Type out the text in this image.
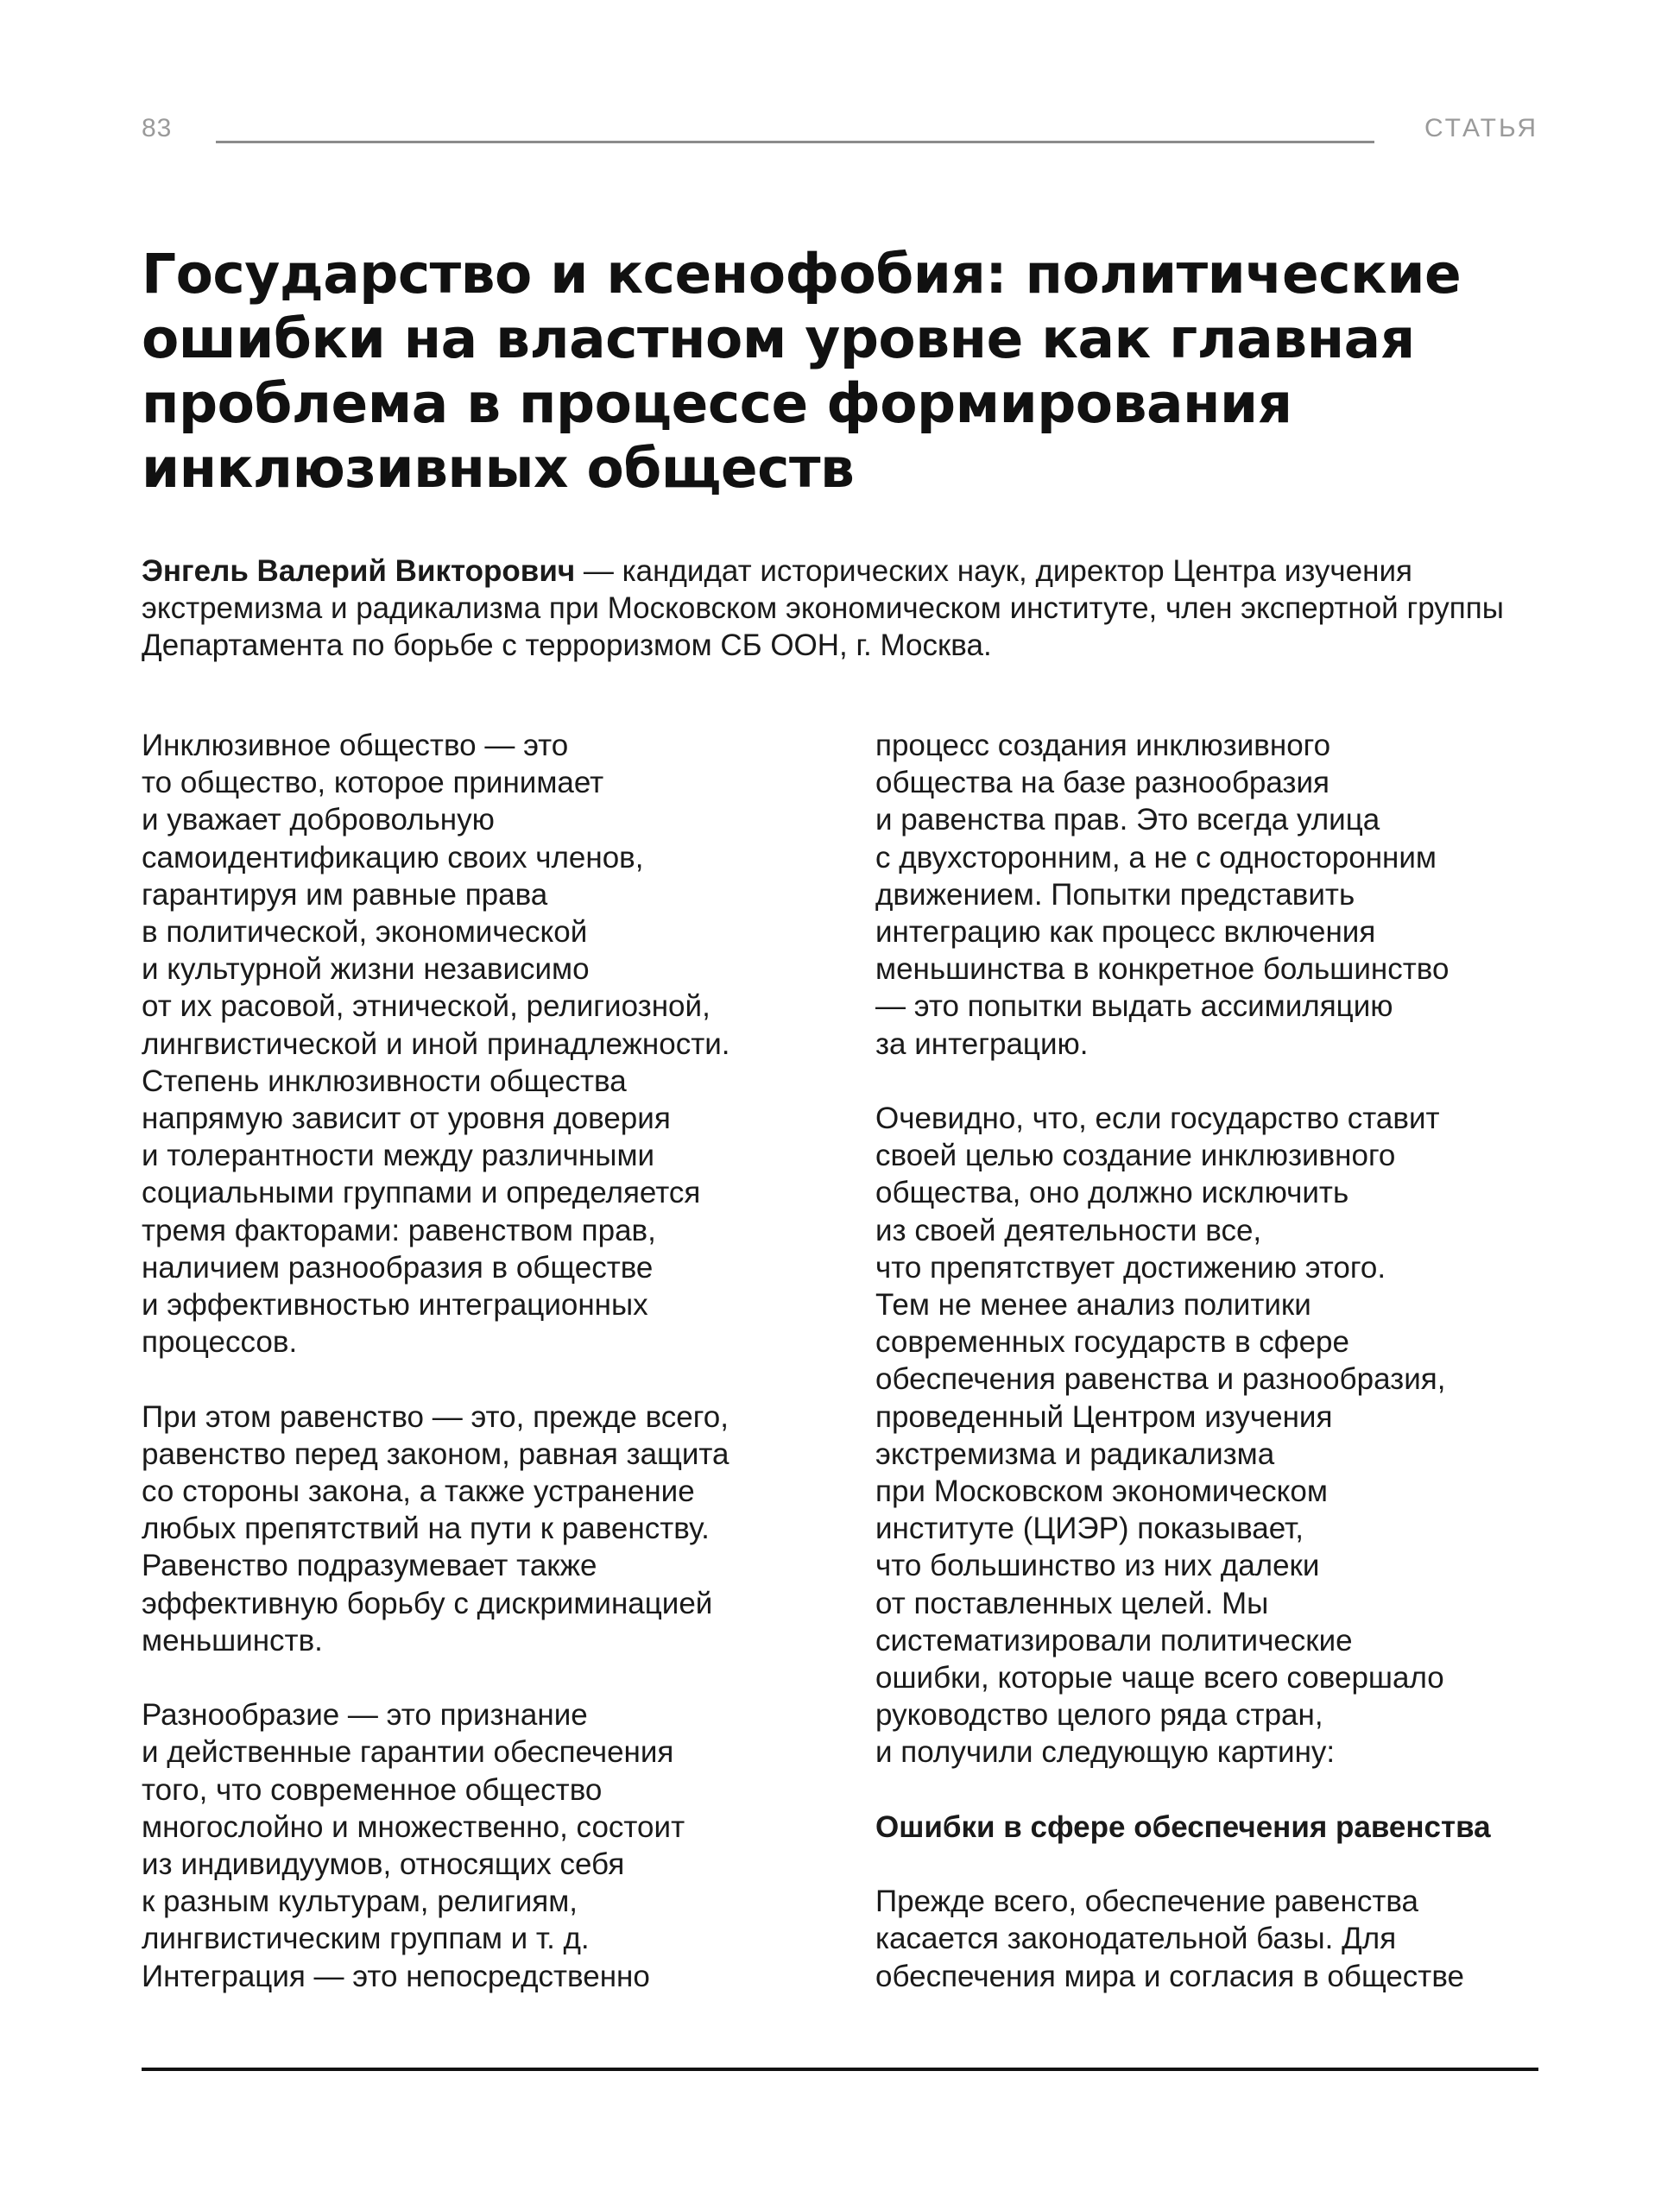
83	СТАТЬЯ
Государство и ксенофобия: политические ошибки на властном уровне как главная проблема в процессе формирования инклюзивных обществ

Энгель Валерий Викторович — кандидат исторических наук, директор Центра изучения экстремизма и радикализма при Московском экономическом институте, член экспертной группы Департамента по борьбе с терроризмом СБ ООН, г. Москва.

Инклюзивное общество — это
то общество, которое принимает
и уважает добровольную
самоидентификацию своих членов,
гарантируя им равные права
в политической, экономической
и культурной жизни независимо
от их расовой, этнической, религиозной,
лингвистической и иной принадлежности.
Степень инклюзивности общества
напрямую зависит от уровня доверия
и толерантности между различными
социальными группами и определяется
тремя факторами: равенством прав,
наличием разнообразия в обществе
и эффективностью интеграционных
процессов.

При этом равенство — это, прежде всего,
равенство перед законом, равная защита
со стороны закона, а также устранение
любых препятствий на пути к равенству.
Равенство подразумевает также
эффективную борьбу с дискриминацией
меньшинств.

Разнообразие — это признание
и действенные гарантии обеспечения
того, что современное общество
многослойно и множественно, состоит
из индивидуумов, относящих себя
к разным культурам, религиям,
лингвистическим группам и т. д.
Интеграция — это непосредственно

процесс создания инклюзивного
общества на базе разнообразия
и равенства прав. Это всегда улица
с двухсторонним, а не с односторонним
движением. Попытки представить
интеграцию как процесс включения
меньшинства в конкретное большинство
— это попытки выдать ассимиляцию
за интеграцию.

Очевидно, что, если государство ставит
своей целью создание инклюзивного
общества, оно должно исключить
из своей деятельности все,
что препятствует достижению этого.
Тем не менее анализ политики
современных государств в сфере
обеспечения равенства и разнообразия,
проведенный Центром изучения
экстремизма и радикализма
при Московском экономическом
институте (ЦИЭР) показывает,
что большинство из них далеки
от поставленных целей. Мы
систематизировали политические
ошибки, которые чаще всего совершало
руководство целого ряда стран,
и получили следующую картину:

Ошибки в сфере обеспечения равенства

Прежде всего, обеспечение равенства
касается законодательной базы. Для
обеспечения мира и согласия в обществе
